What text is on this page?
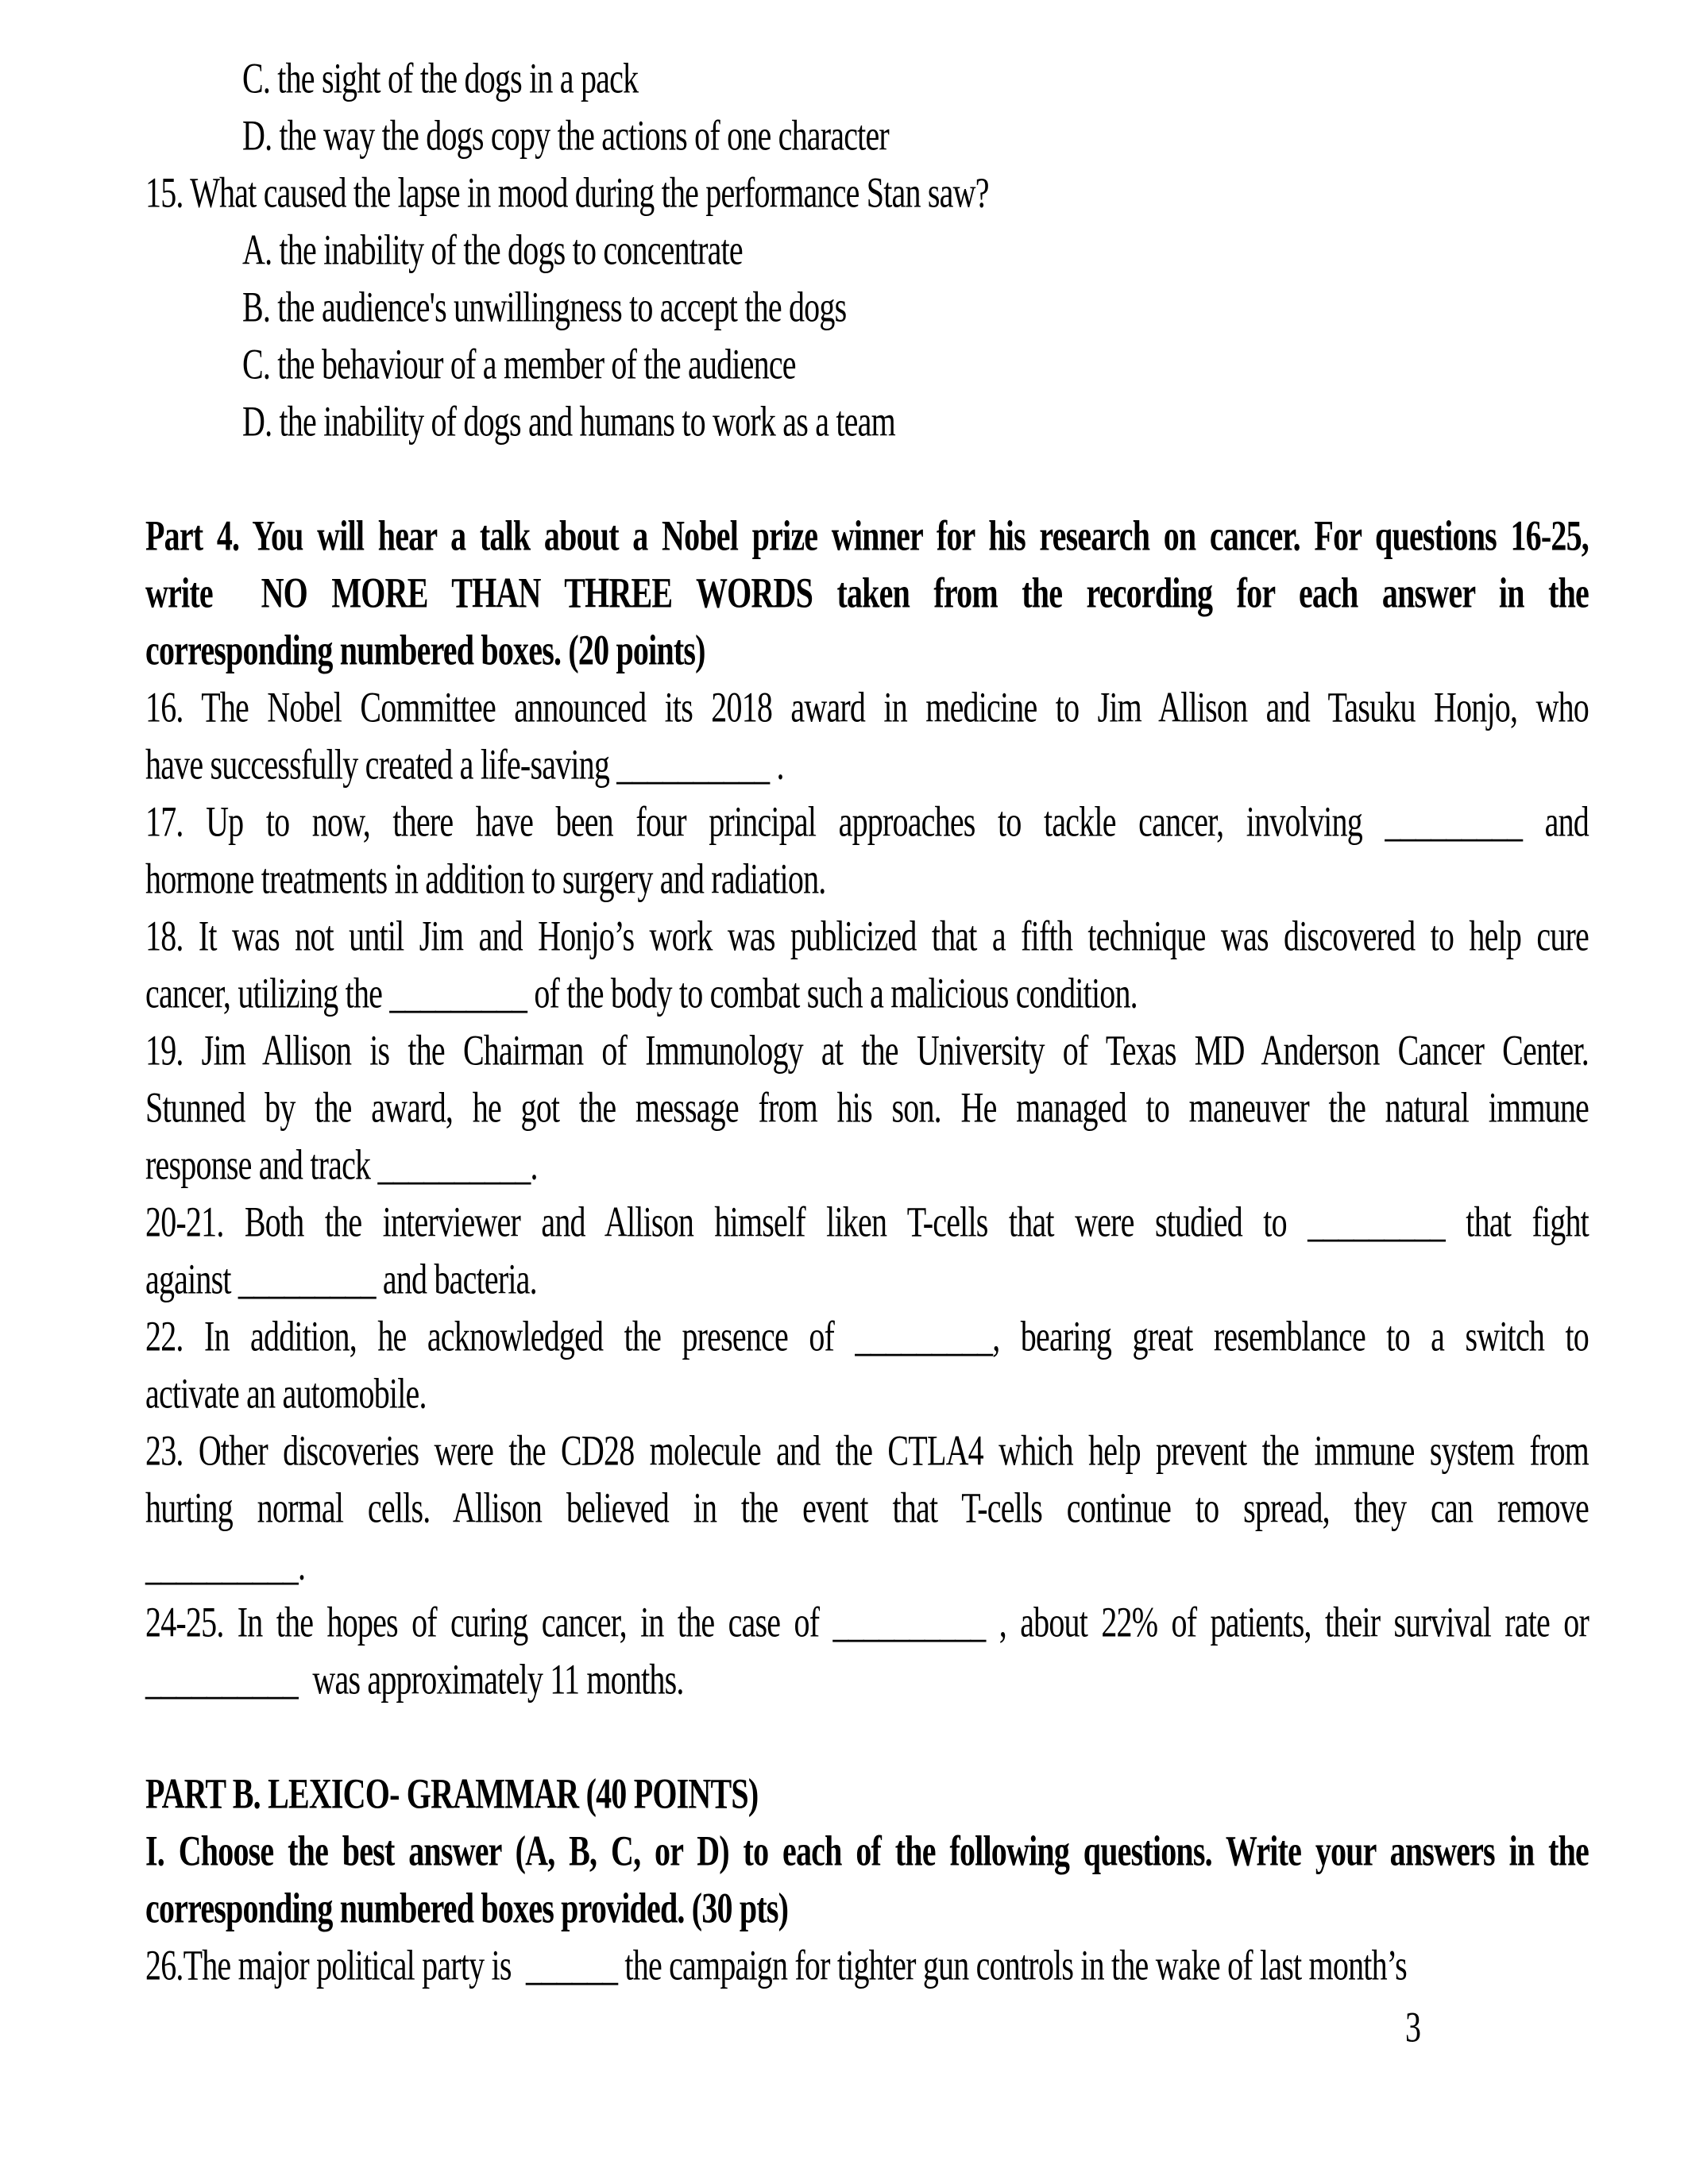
C. the sight of the dogs in a pack
D. the way the dogs copy the actions of one character
15. What caused the lapse in mood during the performance Stan saw?
A. the inability of the dogs to concentrate
B. the audience's unwillingness to accept the dogs
C. the behaviour of a member of the audience
D. the inability of dogs and humans to work as a team
Part 4. You will hear a talk about a Nobel prize winner for his research on cancer. For questions 16-25,
write  NO MORE THAN THREE WORDS taken from the recording for each answer in the
corresponding numbered boxes. (20 points)
16. The Nobel Committee announced its 2018 award in medicine to Jim Allison and Tasuku Honjo, who
have successfully created a life-saving __________ .
17. Up to now, there have been four principal approaches to tackle cancer, involving _________ and
hormone treatments in addition to surgery and radiation.
18. It was not until Jim and Honjo’s work was publicized that a fifth technique was discovered to help cure
cancer, utilizing the _________ of the body to combat such a malicious condition.
19. Jim Allison is the Chairman of Immunology at the University of Texas MD Anderson Cancer Center.
Stunned by the award, he got the message from his son. He managed to maneuver the natural immune
response and track __________.
20-21. Both the interviewer and Allison himself liken T-cells that were studied to _________ that fight
against _________ and bacteria.
22. In addition, he acknowledged the presence of _________, bearing great resemblance to a switch to
activate an automobile.
23. Other discoveries were the CD28 molecule and the CTLA4 which help prevent the immune system from
hurting normal cells. Allison believed in the event that T-cells continue to spread, they can remove
__________.
24-25. In the hopes of curing cancer, in the case of __________ , about 22% of patients, their survival rate or
__________  was approximately 11 months.
PART B. LEXICO- GRAMMAR (40 POINTS)
I. Choose the best answer (A, B, C, or D) to each of the following questions. Write your answers in the
corresponding numbered boxes provided. (30 pts)
26.The major political party is  ______ the campaign for tighter gun controls in the wake of last month’s
3
